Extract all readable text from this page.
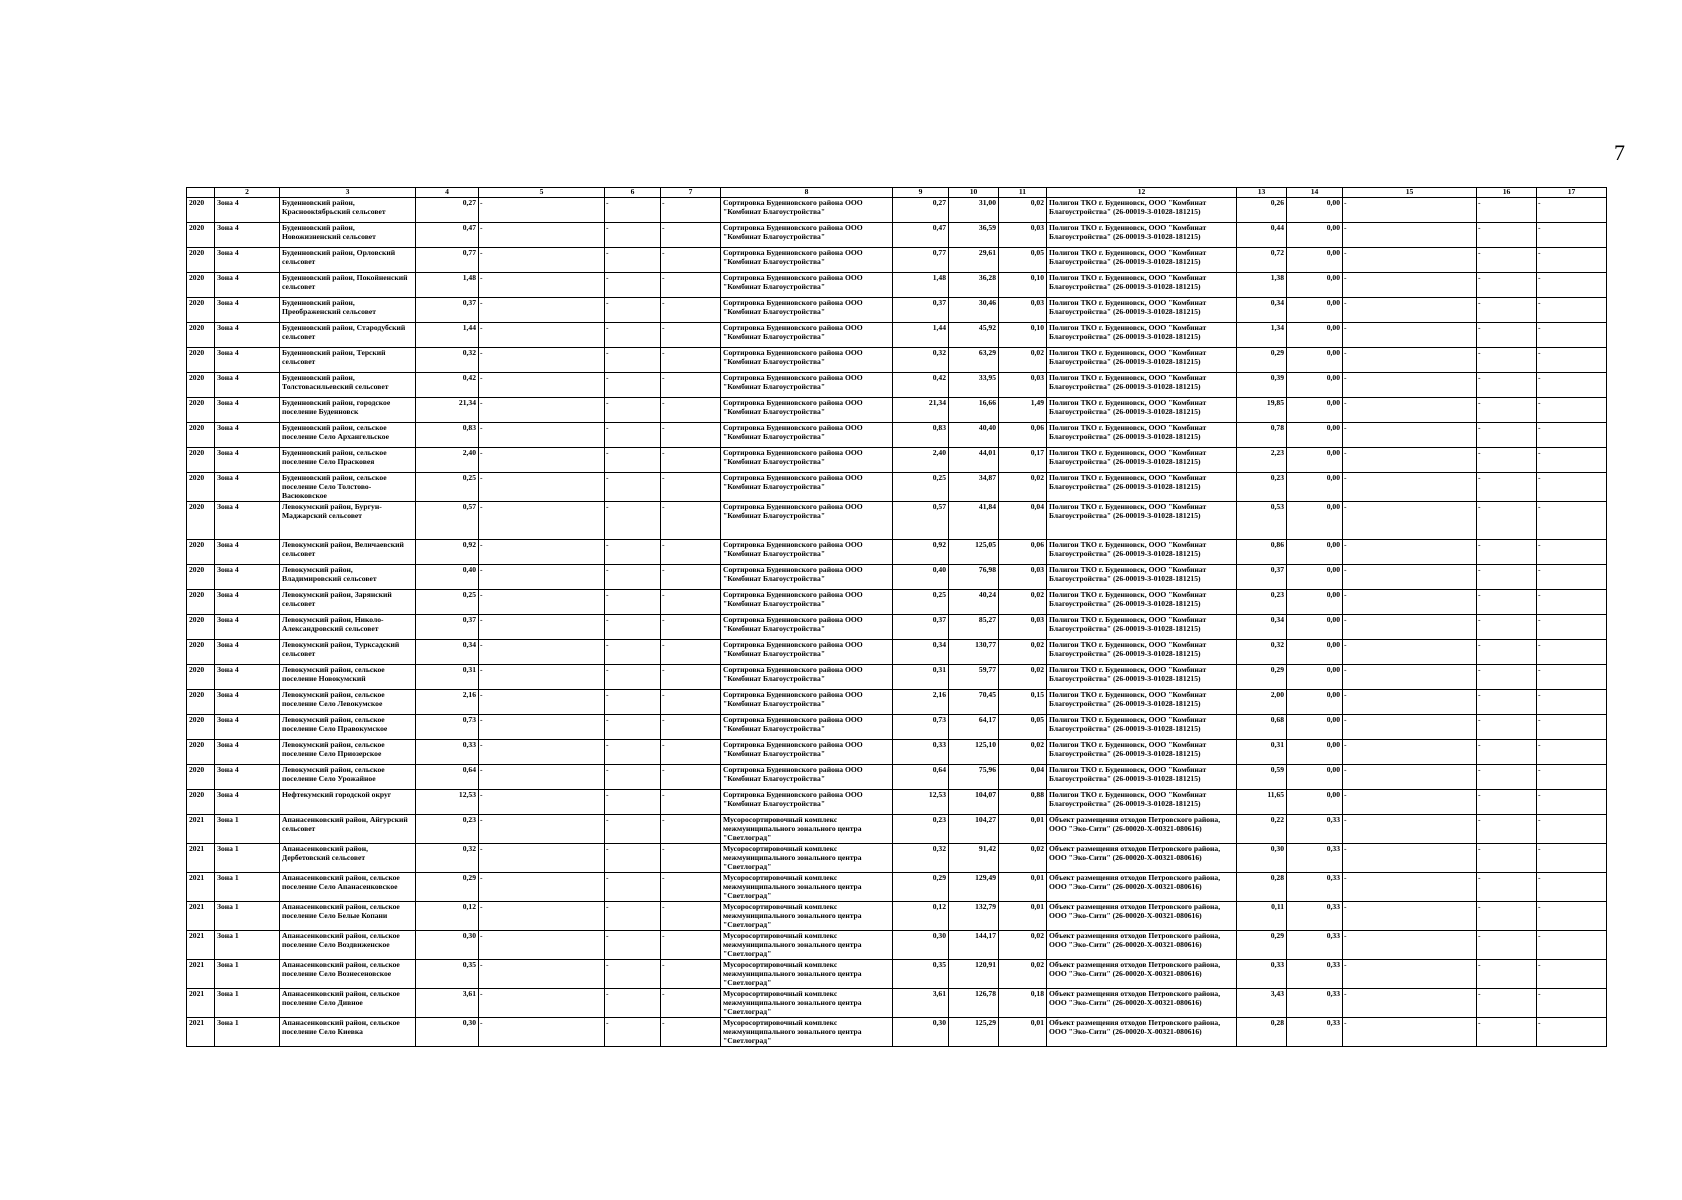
7
	2	3	4	5	6	7	8	9	10	11	12	13	14	15	16	17
2020	Зона 4	Буденновский район, Красноокtябрьский сельсовет	0,27	-	-	-	Сортировка Буденновского района ООО "Комбинат Благоустройства"	0,27	31,00	0,02	Полигон ТКО г. Буденновск, ООО "Комбинат Благоустройства" (26-00019-З-01028-181215)	0,26	0,00	-	-	-
2020	Зона 4	Буденновский район, Новожизненский сельсовет	0,47	-	-	-	Сортировка Буденновского района ООО "Комбинат Благоустройства"	0,47	36,59	0,03	Полигон ТКО г. Буденновск, ООО "Комбинат Благоустройства" (26-00019-З-01028-181215)	0,44	0,00	-	-	-
2020	Зона 4	Буденновский район, Орловский сельсовет	0,77	-	-	-	Сортировка Буденновского района ООО "Комбинат Благоустройства"	0,77	29,61	0,05	Полигон ТКО г. Буденновск, ООО "Комбинат Благоустройства" (26-00019-З-01028-181215)	0,72	0,00	-	-	-
2020	Зона 4	Буденновский район, Покойненский сельсовет	1,48	-	-	-	Сортировка Буденновского района ООО "Комбинат Благоустройства"	1,48	36,28	0,10	Полигон ТКО г. Буденновск, ООО "Комбинат Благоустройства" (26-00019-З-01028-181215)	1,38	0,00	-	-	-
2020	Зона 4	Буденновский район, Преображенский сельсовет	0,37	-	-	-	Сортировка Буденновского района ООО "Комбинат Благоустройства"	0,37	30,46	0,03	Полигон ТКО г. Буденновск, ООО "Комбинат Благоустройства" (26-00019-З-01028-181215)	0,34	0,00	-	-	-
2020	Зона 4	Буденновский район, Стародубский сельсовет	1,44	-	-	-	Сортировка Буденновского района ООО "Комбинат Благоустройства"	1,44	45,92	0,10	Полигон ТКО г. Буденновск, ООО "Комбинат Благоустройства" (26-00019-З-01028-181215)	1,34	0,00	-	-	-
2020	Зона 4	Буденновский район, Терский сельсовет	0,32	-	-	-	Сортировка Буденновского района ООО "Комбинат Благоустройства"	0,32	63,29	0,02	Полигон ТКО г. Буденновск, ООО "Комбинат Благоустройства" (26-00019-З-01028-181215)	0,29	0,00	-	-	-
2020	Зона 4	Буденновский район, Толстовасильевский сельсовет	0,42	-	-	-	Сортировка Буденновского района ООО "Комбинат Благоустройства"	0,42	33,95	0,03	Полигон ТКО г. Буденновск, ООО "Комбинат Благоустройства" (26-00019-З-01028-181215)	0,39	0,00	-	-	-
2020	Зона 4	Буденновский район, городское поселение Буденновск	21,34	-	-	-	Сортировка Буденновского района ООО "Комбинат Благоустройства"	21,34	16,66	1,49	Полигон ТКО г. Буденновск, ООО "Комбинат Благоустройства" (26-00019-З-01028-181215)	19,85	0,00	-	-	-
2020	Зона 4	Буденновский район, сельское поселение Село Архангельское	0,83	-	-	-	Сортировка Буденновского района ООО "Комбинат Благоустройства"	0,83	40,40	0,06	Полигон ТКО г. Буденновск, ООО "Комбинат Благоустройства" (26-00019-З-01028-181215)	0,78	0,00	-	-	-
2020	Зона 4	Буденновский район, сельское поселение Село Прасковея	2,40	-	-	-	Сортировка Буденновского района ООО "Комбинат Благоустройства"	2,40	44,01	0,17	Полигон ТКО г. Буденновск, ООО "Комбинат Благоустройства" (26-00019-З-01028-181215)	2,23	0,00	-	-	-
2020	Зона 4	Буденновский район, сельское поселение Село Толстово-Васюковское	0,25	-	-	-	Сортировка Буденновского района ООО "Комбинат Благоустройства"	0,25	34,87	0,02	Полигон ТКО г. Буденновск, ООО "Комбинат Благоустройства" (26-00019-З-01028-181215)	0,23	0,00	-	-	-
2020	Зона 4	Левокумский район, Бургун-Маджарский сельсовет	0,57	-	-	-	Сортировка Буденновского района ООО "Комбинат Благоустройства"	0,57	41,84	0,04	Полигон ТКО г. Буденновск, ООО "Комбинат Благоустройства" (26-00019-З-01028-181215)	0,53	0,00	-	-	-
2020	Зона 4	Левокумский район, Величаевский сельсовет	0,92	-	-	-	Сортировка Буденновского района ООО "Комбинат Благоустройства"	0,92	125,05	0,06	Полигон ТКО г. Буденновск, ООО "Комбинат Благоустройства" (26-00019-З-01028-181215)	0,86	0,00	-	-	-
2020	Зона 4	Левокумский район, Владимировский сельсовет	0,40	-	-	-	Сортировка Буденновского района ООО "Комбинат Благоустройства"	0,40	76,98	0,03	Полигон ТКО г. Буденновск, ООО "Комбинат Благоустройства" (26-00019-З-01028-181215)	0,37	0,00	-	-	-
2020	Зона 4	Левокумский район, Зарянский сельсовет	0,25	-	-	-	Сортировка Буденновского района ООО "Комбинат Благоустройства"	0,25	40,24	0,02	Полигон ТКО г. Буденновск, ООО "Комбинат Благоустройства" (26-00019-З-01028-181215)	0,23	0,00	-	-	-
2020	Зона 4	Левокумский район, Николо-Александровский сельсовет	0,37	-	-	-	Сортировка Буденновского района ООО "Комбинат Благоустройства"	0,37	85,27	0,03	Полигон ТКО г. Буденновск, ООО "Комбинат Благоустройства" (26-00019-З-01028-181215)	0,34	0,00	-	-	-
2020	Зона 4	Левокумский район, Турксадский сельсовет	0,34	-	-	-	Сортировка Буденновского района ООО "Комбинат Благоустройства"	0,34	130,77	0,02	Полигон ТКО г. Буденновск, ООО "Комбинат Благоустройства" (26-00019-З-01028-181215)	0,32	0,00	-	-	-
2020	Зона 4	Левокумский район, сельское поселение Новокумский	0,31	-	-	-	Сортировка Буденновского района ООО "Комбинат Благоустройства"	0,31	59,77	0,02	Полигон ТКО г. Буденновск, ООО "Комбинат Благоустройства" (26-00019-З-01028-181215)	0,29	0,00	-	-	-
2020	Зона 4	Левокумский район, сельское поселение Село Левокумское	2,16	-	-	-	Сортировка Буденновского района ООО "Комбинат Благоустройства"	2,16	70,45	0,15	Полигон ТКО г. Буденновск, ООО "Комбинат Благоустройства" (26-00019-З-01028-181215)	2,00	0,00	-	-	-
2020	Зона 4	Левокумский район, сельское поселение Село Правокумское	0,73	-	-	-	Сортировка Буденновского района ООО "Комбинат Благоустройства"	0,73	64,17	0,05	Полигон ТКО г. Буденновск, ООО "Комбинат Благоустройства" (26-00019-З-01028-181215)	0,68	0,00	-	-	-
2020	Зона 4	Левокумский район, сельское поселение Село Приозерское	0,33	-	-	-	Сортировка Буденновского района ООО "Комбинат Благоустройства"	0,33	125,10	0,02	Полигон ТКО г. Буденновск, ООО "Комбинат Благоустройства" (26-00019-З-01028-181215)	0,31	0,00	-	-	-
2020	Зона 4	Левокумский район, сельское поселение Село Урожайное	0,64	-	-	-	Сортировка Буденновского района ООО "Комбинат Благоустройства"	0,64	75,96	0,04	Полигон ТКО г. Буденновск, ООО "Комбинат Благоустройства" (26-00019-З-01028-181215)	0,59	0,00	-	-	-
2020	Зона 4	Нефтекумский городской округ	12,53	-	-	-	Сортировка Буденновского района ООО "Комбинат Благоустройства"	12,53	104,07	0,88	Полигон ТКО г. Буденновск, ООО "Комбинат Благоустройства" (26-00019-З-01028-181215)	11,65	0,00	-	-	-
2021	Зона 1	Апанасенковский район, Айгурский сельсовет	0,23	-	-	-	Мусоросортировочный комплекс межмуниципального зонального центра "Светлоград"	0,23	104,27	0,01	Объект размещения отходов Петровского района, ООО "Эко-Сити" (26-00020-Х-00321-080616)	0,22	0,33	-	-	-
2021	Зона 1	Апанасенковский район, Дербетовский сельсовет	0,32	-	-	-	Мусоросортировочный комплекс межмуниципального зонального центра "Светлоград"	0,32	91,42	0,02	Объект размещения отходов Петровского района, ООО "Эко-Сити" (26-00020-Х-00321-080616)	0,30	0,33	-	-	-
2021	Зона 1	Апанасенковский район, сельское поселение Село Апанасенковское	0,29	-	-	-	Мусоросортировочный комплекс межмуниципального зонального центра "Светлоград"	0,29	129,49	0,01	Объект размещения отходов Петровского района, ООО "Эко-Сити" (26-00020-Х-00321-080616)	0,28	0,33	-	-	-
2021	Зона 1	Апанасенковский район, сельское поселение Село Белые Копани	0,12	-	-	-	Мусоросортировочный комплекс межмуниципального зонального центра "Светлоград"	0,12	132,79	0,01	Объект размещения отходов Петровского района, ООО "Эко-Сити" (26-00020-Х-00321-080616)	0,11	0,33	-	-	-
2021	Зона 1	Апанасенковский район, сельское поселение Село Воздвиженское	0,30	-	-	-	Мусоросортировочный комплекс межмуниципального зонального центра "Светлоград"	0,30	144,17	0,02	Объект размещения отходов Петровского района, ООО "Эко-Сити" (26-00020-Х-00321-080616)	0,29	0,33	-	-	-
2021	Зона 1	Апанасенковский район, сельское поселение Село Вознесеновское	0,35	-	-	-	Мусоросортировочный комплекс межмуниципального зонального центра "Светлоград"	0,35	120,91	0,02	Объект размещения отходов Петровского района, ООО "Эко-Сити" (26-00020-Х-00321-080616)	0,33	0,33	-	-	-
2021	Зона 1	Апанасенковский район, сельское поселение Село Дивное	3,61	-	-	-	Мусоросортировочный комплекс межмуниципального зонального центра "Светлоград"	3,61	126,78	0,18	Объект размещения отходов Петровского района, ООО "Эко-Сити" (26-00020-Х-00321-080616)	3,43	0,33	-	-	-
2021	Зона 1	Апанасенковский район, сельское поселение Село Киевка	0,30	-	-	-	Мусоросортировочный комплекс межмуниципального зонального центра "Светлоград"	0,30	125,29	0,01	Объект размещения отходов Петровского района, ООО "Эко-Сити" (26-00020-Х-00321-080616)	0,28	0,33	-	-	-
